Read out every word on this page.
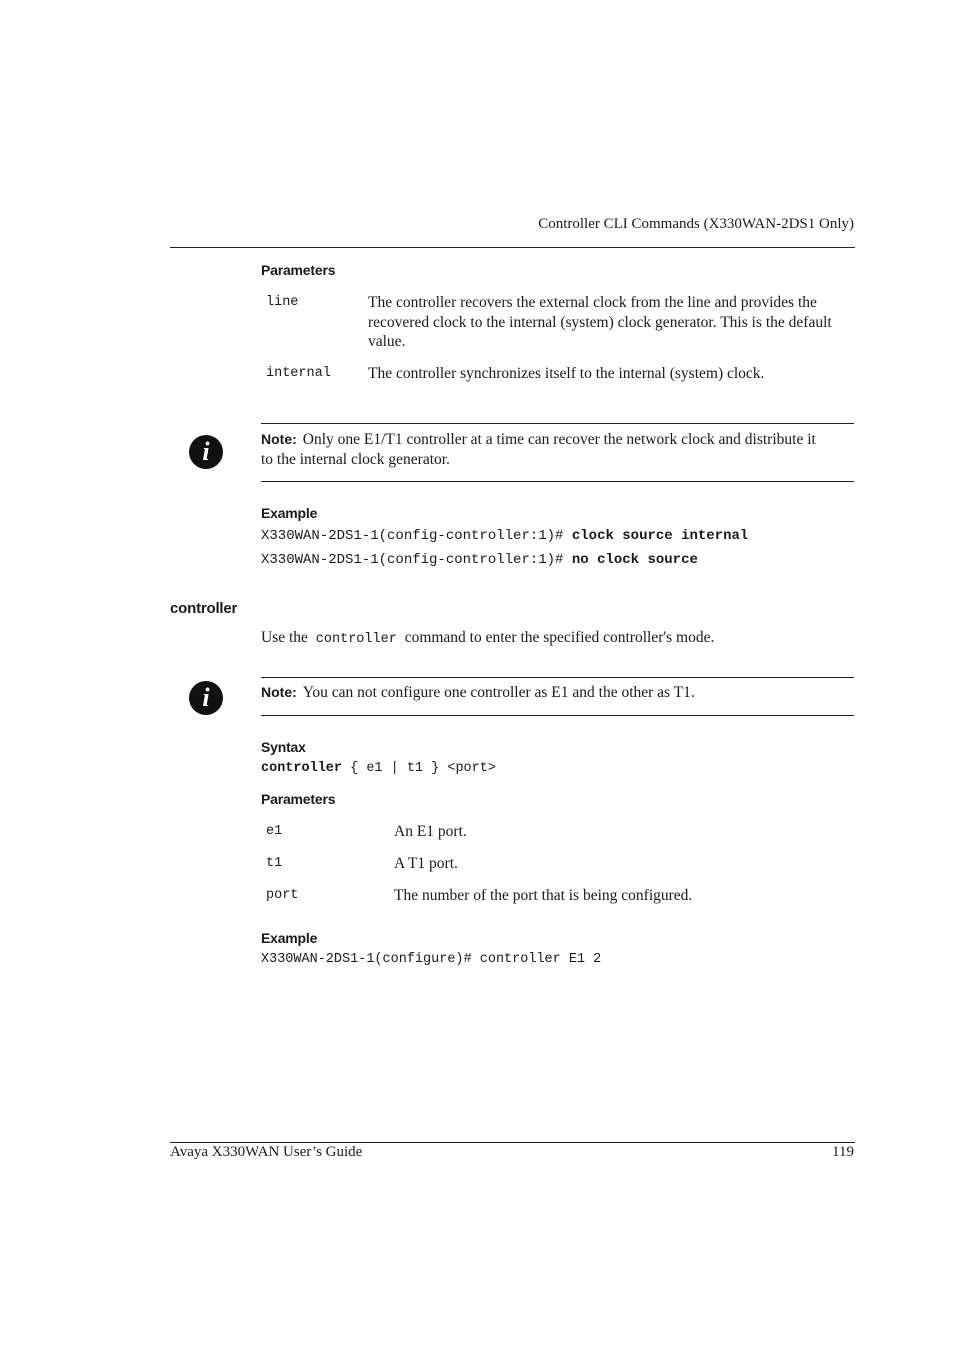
Controller CLI Commands (X330WAN-2DS1 Only)
Parameters
line	The controller recovers the external clock from the line and provides the recovered clock to the internal (system) clock generator. This is the default value.
internal The controller synchronizes itself to the internal (system) clock.
i	Note: Only one E1/T1 controller at a time can recover the network clock and distribute it to the internal clock generator.
Example
X330WAN-2DS1-1(config-controller:1)# clock source internal
X330WAN-2DS1-1(config-controller:1)# no clock source
controller
Use the controller command to enter the specified controller's mode.
i	Note: You can not configure one controller as E1 and the other as T1.
Syntax
controller { e1 | t1 } <port>
Parameters
e1	An E1 port.
t1	A T1 port.
port	The number of the port that is being configured.
Example
X330WAN-2DS1-1(configure)# controller E1 2
Avaya X330WAN User’s Guide	119
